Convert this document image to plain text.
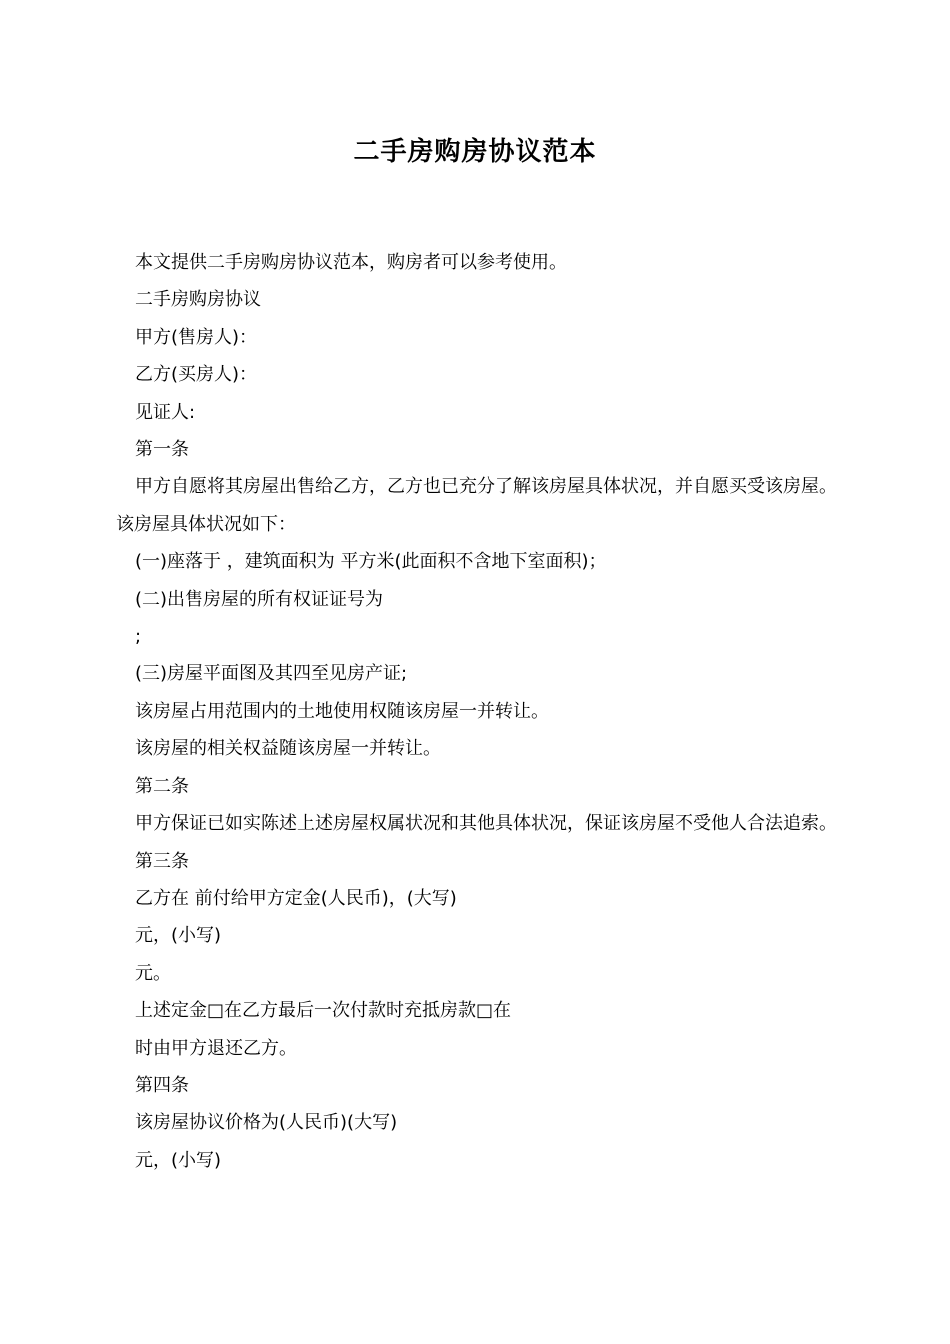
二手房购房协议范本

本文提供二手房购房协议范本，购房者可以参考使用。

二手房购房协议

甲方(售房人)：

乙方(买房人)：

见证人:

第一条

甲方自愿将其房屋出售给乙方，乙方也已充分了解该房屋具体状况，并自愿买受该房屋。该房屋具体状况如下：

(一)座落于 ，建筑面积为 平方米(此面积不含地下室面积)；

(二)出售房屋的所有权证证号为

;

(三)房屋平面图及其四至见房产证;

该房屋占用范围内的土地使用权随该房屋一并转让。

该房屋的相关权益随该房屋一并转让。

第二条

甲方保证已如实陈述上述房屋权属状况和其他具体状况，保证该房屋不受他人合法追索。

第三条

乙方在 前付给甲方定金(人民币)，(大写)

元，(小写)

元。

上述定金□在乙方最后一次付款时充抵房款□在

时由甲方退还乙方。

第四条

该房屋协议价格为(人民币)(大写)

元，(小写)
